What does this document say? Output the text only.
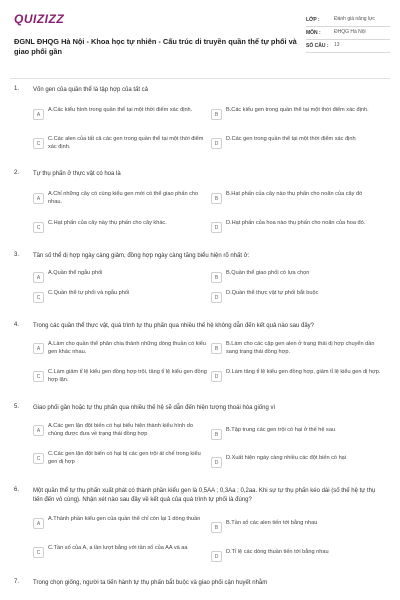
QUIZIZZ
ĐGNL ĐHQG Hà Nội - Khoa học tự nhiên - Cấu trúc di truyền quần thể tự phối và giao phối gần
LỚP :	Đánh giá năng lực
MÔN :	ĐHQG Hà Nội
SỐ CÂU :	13
1. Vốn gen của quần thể là tập hợp của tất cả
A
A.Các kiểu hình trong quần thể tại một thời điểm xác định.
B
B.Các kiểu gen trong quần thể tại một thời điểm xác định.
C
C.Các alen của tất cả các gen trong quần thể tại một thời điểm xác định.
D
D.Các gen trong quần thể tại một thời điểm xác định
2. Tự thụ phấn ở thực vật có hoa là
A
A.Chỉ những cây có cùng kiểu gen mới có thể giao phấn cho nhau.
B
B.Hạt phấn của cây nào thụ phấn cho noãn của cây đó
C
C.Hạt phấn của cây này thụ phấn cho cây khác.
D
D.Hạt phấn của hoa nào thụ phấn cho noãn của hoa đó.
3. Tần số thể dị hợp ngày càng giảm, đồng hợp ngày càng tăng biểu hiện rõ nhất ở:
A
A.Quần thể ngẫu phối
B
B.Quần thể giao phối có lựa chọn
C
C.Quần thể tự phối và ngẫu phối
D
D.Quần thể thực vật tự phối bắt buộc
4. Trong các quần thể thực vật, quá trình tự thụ phấn qua nhiều thế hệ không dẫn đến kết quả nào sau đây?
A
A.Làm cho quần thể phân chia thành những dòng thuần có kiểu gen khác nhau.
B
B.Làm cho các cặp gen alen ở trạng thái dị hợp chuyển dần sang trạng thái đồng hợp.
C
C.Làm giảm tỉ lệ kiểu gen đồng hợp trội, tăng tỉ lệ kiểu gen đồng hợp lặn.
D
D.Làm tăng tỉ lệ kiểu gen đồng hợp, giảm tỉ lệ kiểu gen dị hợp.
5. Giao phối gần hoặc tự thụ phấn qua nhiều thế hệ sẽ dẫn đến hiện tượng thoái hóa giống vì
A
A.Các gen lặn đột biến có hại biểu hiện thành kiểu hình do chúng được đưa về trạng thái đồng hợp	B
B.Tập trung các gen trội có hại ở thế hệ sau
C
C.Các gen lặn đột biến có hại bị các gen trội át chế trong kiểu gen dị hợp	D
D.Xuất hiện ngày càng nhiều các đột biến có hại
6. Một quần thể tự thụ phấn xuất phát có thành phần kiểu gen là 0,5AA ; 0,3Aa ; 0,2aa. Khi sự tự thụ phấn kéo dài (số thế hệ tự thụ tiến đến vô cùng). Nhận xét nào sau đây về kết quả của quá trình tự phối là đúng?
A
A.Thành phần kiểu gen của quần thể chỉ còn lại 1 dòng thuần
B
B.Tần số các alen tiến tới bằng nhau
C
C.Tần số của A, a lần lượt bằng với tần số của AA và aa
D
D.Tỉ lệ các dòng thuần tiến tới bằng nhau
7. Trong chọn giống, người ta tiến hành tự thụ phấn bắt buộc và giao phối cận huyết nhằm
